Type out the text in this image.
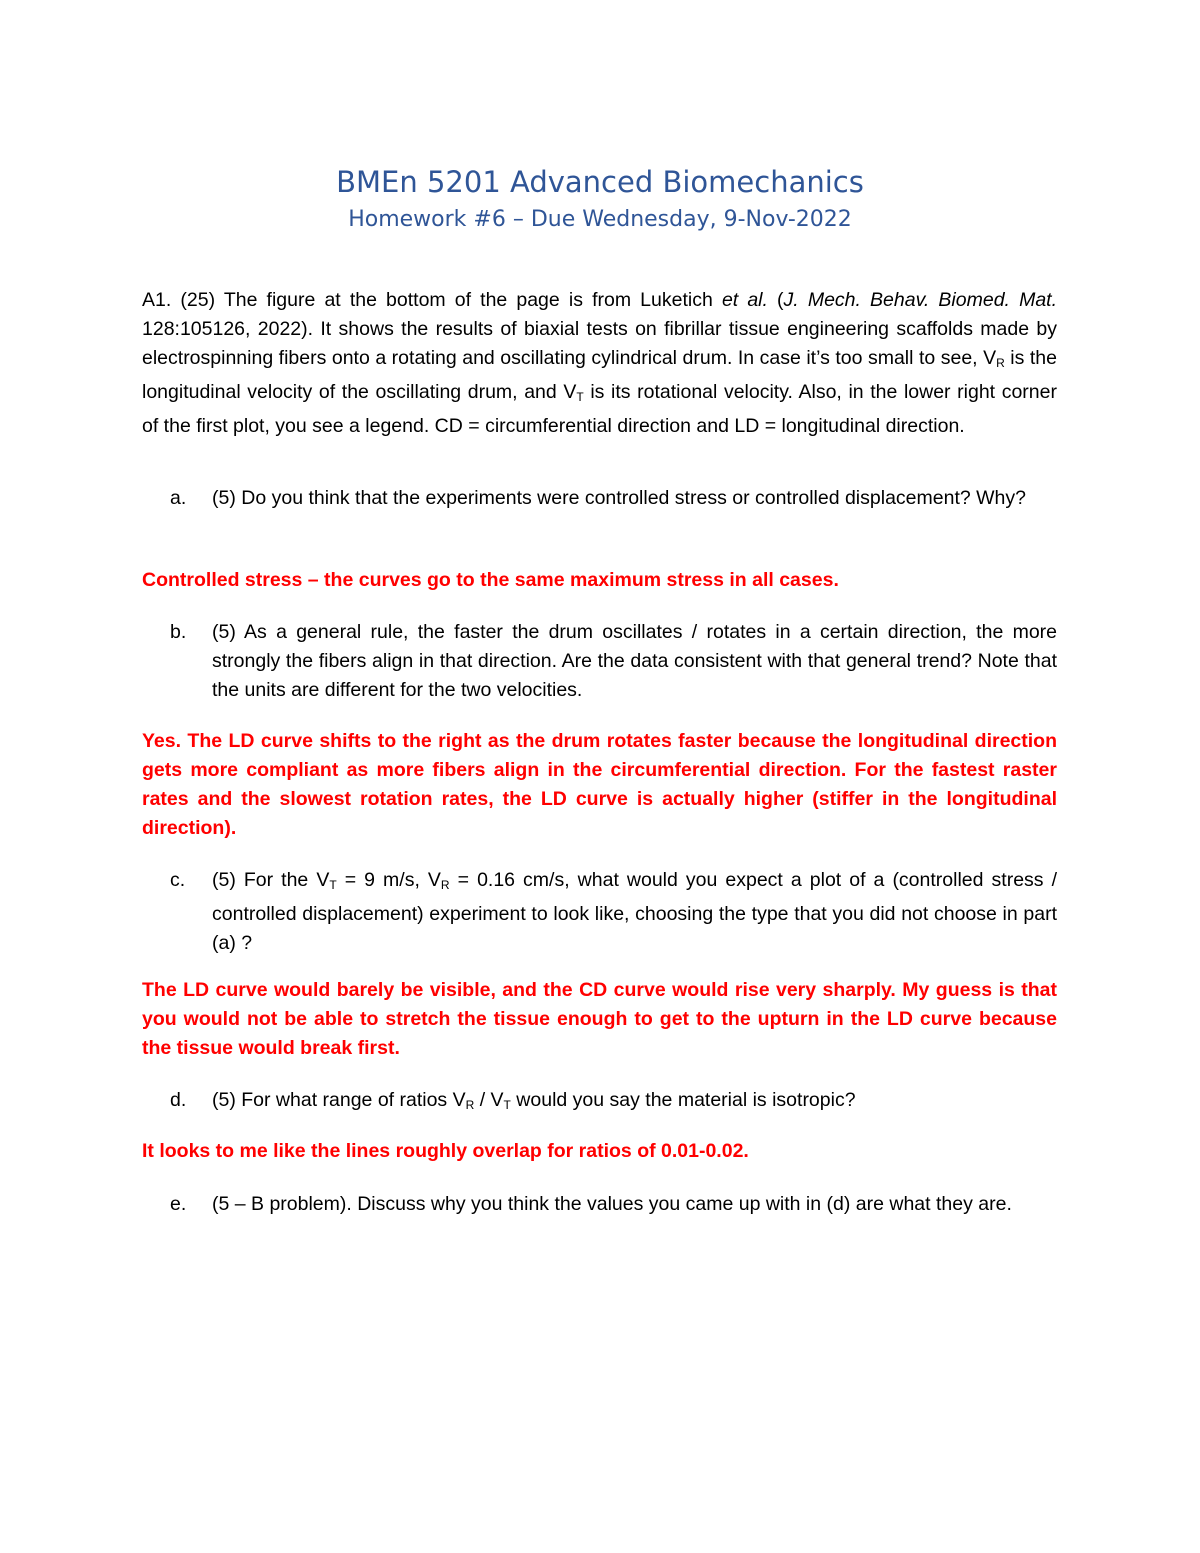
BMEn 5201 Advanced Biomechanics
Homework #6 – Due Wednesday, 9-Nov-2022

A1. (25) The figure at the bottom of the page is from Luketich et al. (J. Mech. Behav. Biomed. Mat. 128:105126, 2022). It shows the results of biaxial tests on fibrillar tissue engineering scaffolds made by electrospinning fibers onto a rotating and oscillating cylindrical drum. In case it’s too small to see, $V_R$ is the longitudinal velocity of the oscillating drum, and $V_T$ is its rotational velocity. Also, in the lower right corner of the first plot, you see a legend. CD = circumferential direction and LD = longitudinal direction.

a.	(5) Do you think that the experiments were controlled stress or controlled displacement? Why?

Controlled stress – the curves go to the same maximum stress in all cases.

b.	(5) As a general rule, the faster the drum oscillates / rotates in a certain direction, the more strongly the fibers align in that direction. Are the data consistent with that general trend? Note that the units are different for the two velocities.

Yes. The LD curve shifts to the right as the drum rotates faster because the longitudinal direction gets more compliant as more fibers align in the circumferential direction. For the fastest raster rates and the slowest rotation rates, the LD curve is actually higher (stiffer in the longitudinal direction).

c.	(5) For the $V_T = 9$ m/s, $V_R = 0.16$ cm/s, what would you expect a plot of a (controlled stress / controlled displacement) experiment to look like, choosing the type that you did not choose in part (a) ?

The LD curve would barely be visible, and the CD curve would rise very sharply. My guess is that you would not be able to stretch the tissue enough to get to the upturn in the LD curve because the tissue would break first.

d.	(5) For what range of ratios $V_R / V_T$ would you say the material is isotropic?

It looks to me like the lines roughly overlap for ratios of 0.01-0.02.

e.	(5 – B problem). Discuss why you think the values you came up with in (d) are what they are.
